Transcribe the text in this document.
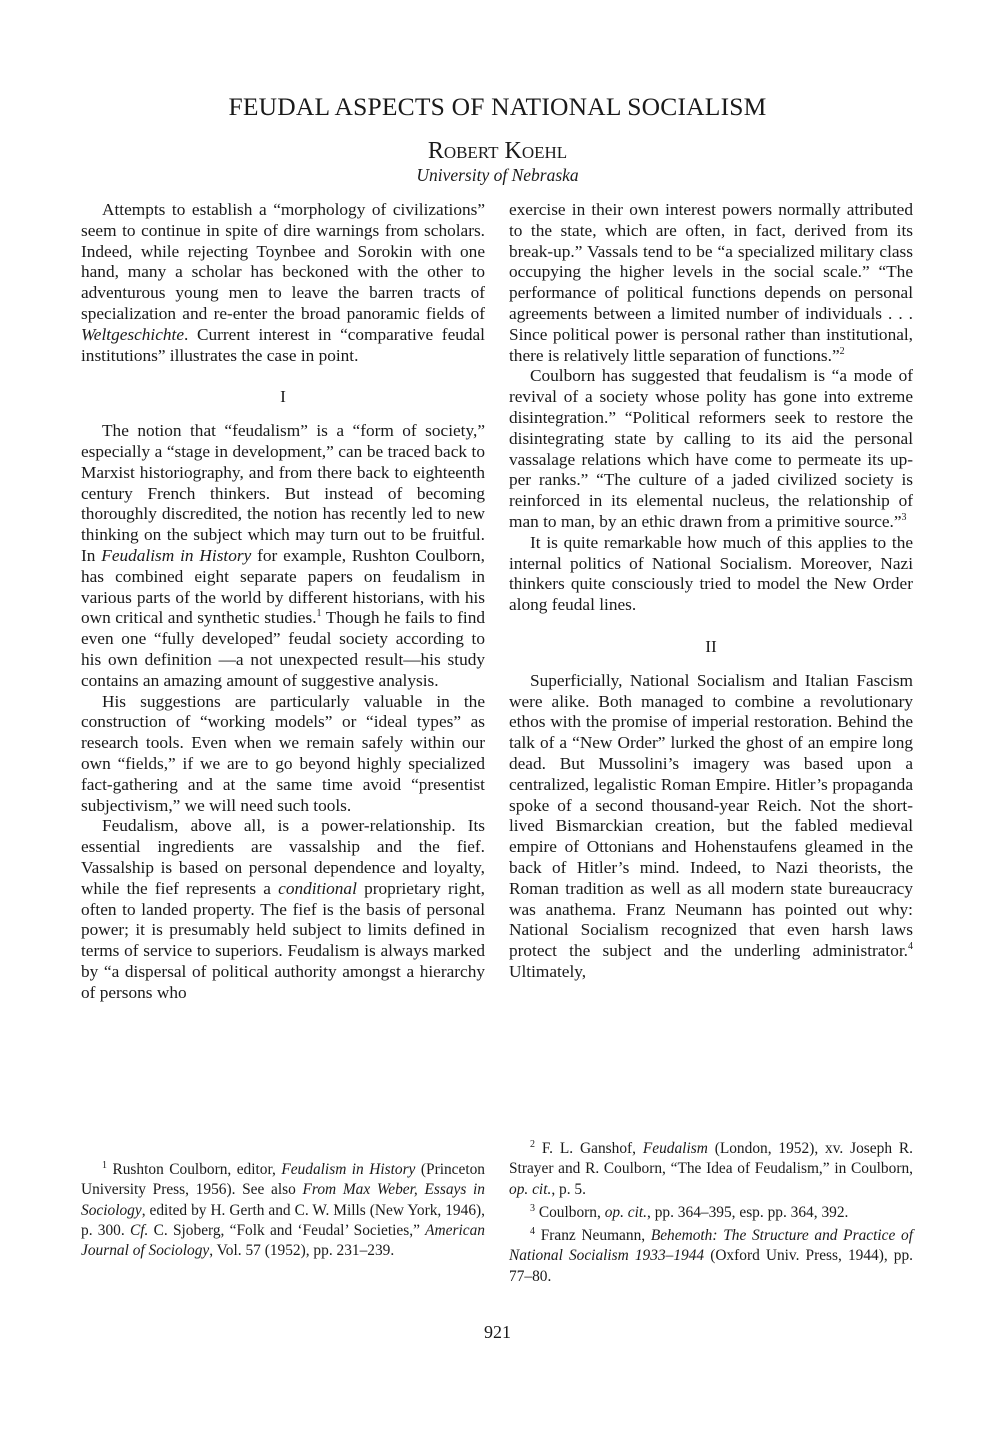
FEUDAL ASPECTS OF NATIONAL SOCIALISM
Robert Koehl
University of Nebraska

Attempts to establish a “morphology of civilizations” seem to continue in spite of dire warnings from scholars. Indeed, while rejecting Toynbee and Sorokin with one hand, many a scholar has beckoned with the other to adventurous young men to leave the barren tracts of specialization and re-enter the broad panoramic fields of Weltgeschichte. Current interest in “comparative feudal institutions” illustrates the case in point.

I

The notion that “feudalism” is a “form of society,” especially a “stage in development,” can be traced back to Marxist historiography, and from there back to eighteenth century French thinkers. But instead of becoming thoroughly discredited, the notion has recently led to new thinking on the subject which may turn out to be fruitful. In Feudalism in History for example, Rushton Coulborn, has combined eight separate papers on feudalism in various parts of the world by different historians, with his own critical and synthetic studies.$^1$ Though he fails to find even one “fully developed” feudal society according to his own definition —a not unexpected result—his study contains an amazing amount of suggestive analysis.

His suggestions are particularly valuable in the construction of “working models” or “ideal types” as research tools. Even when we remain safely within our own “fields,” if we are to go beyond highly specialized fact-gathering and at the same time avoid “presentist subjectivism,” we will need such tools.

Feudalism, above all, is a power-relationship. Its essential ingredients are vassalship and the fief. Vassalship is based on personal dependence and loyalty, while the fief represents a conditional proprietary right, often to landed property. The fief is the basis of personal power; it is presumably held subject to limits defined in terms of service to superiors. Feudalism is always marked by “a dispersal of political authority amongst a hierarchy of persons who

exercise in their own interest powers normally attributed to the state, which are often, in fact, derived from its break-up.” Vassals tend to be “a specialized military class occupying the higher levels in the social scale.” “The performance of political functions depends on personal agreements between a limited number of individuals . . . Since political power is personal rather than institutional, there is relatively little separation of functions.”$^2$

Coulborn has suggested that feudalism is “a mode of revival of a society whose polity has gone into extreme disintegration.” “Political reformers seek to restore the disintegrating state by calling to its aid the personal vassalage relations which have come to permeate its upper ranks.” “The culture of a jaded civilized society is reinforced in its elemental nucleus, the relationship of man to man, by an ethic drawn from a primitive source.”$^3$

It is quite remarkable how much of this applies to the internal politics of National Socialism. Moreover, Nazi thinkers quite consciously tried to model the New Order along feudal lines.

II

Superficially, National Socialism and Italian Fascism were alike. Both managed to combine a revolutionary ethos with the promise of imperial restoration. Behind the talk of a “New Order” lurked the ghost of an empire long dead. But Mussolini’s imagery was based upon a centralized, legalistic Roman Empire. Hitler’s propaganda spoke of a second thousand-year Reich. Not the short-lived Bismarckian creation, but the fabled medieval empire of Ottonians and Hohenstaufens gleamed in the back of Hitler’s mind. Indeed, to Nazi theorists, the Roman tradition as well as all modern state bureaucracy was anathema. Franz Neumann has pointed out why: National Socialism recognized that even harsh laws protect the subject and the underling administrator.$^4$ Ultimately,

$^1$ Rushton Coulborn, editor, Feudalism in History (Princeton University Press, 1956). See also From Max Weber, Essays in Sociology, edited by H. Gerth and C. W. Mills (New York, 1946), p. 300. Cf. C. Sjoberg, “Folk and ‘Feudal’ Societies,” American Journal of Sociology, Vol. 57 (1952), pp. 231–239.

$^2$ F. L. Ganshof, Feudalism (London, 1952), xv. Joseph R. Strayer and R. Coulborn, “The Idea of Feudalism,” in Coulborn, op. cit., p. 5.

$^3$ Coulborn, op. cit., pp. 364–395, esp. pp. 364, 392.

$^4$ Franz Neumann, Behemoth: The Structure and Practice of National Socialism 1933–1944 (Oxford Univ. Press, 1944), pp. 77–80.

921
